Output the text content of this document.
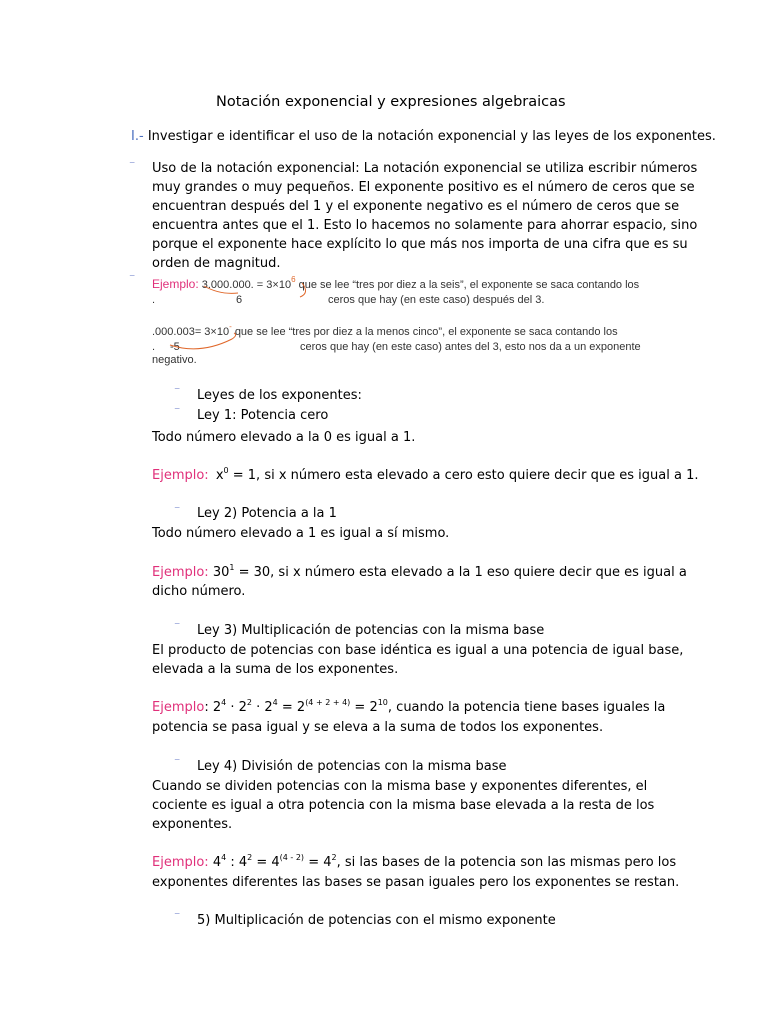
Notación exponencial y expresiones algebraicas
I.- Investigar e identificar el uso de la notación exponencial y las leyes de los exponentes.
⁻ Uso de la notación exponencial: La notación exponencial se utiliza escribir números
muy grandes o muy pequeños. El exponente positivo es el número de ceros que se
encuentran después del 1 y el exponente negativo es el número de ceros que se
encuentra antes que el 1. Esto lo hacemos no solamente para ahorrar espacio, sino
porque el exponente hace explícito lo que más nos importa de una cifra que es su
orden de magnitud.
⁻ Ejemplo: 3.000.000. = $3\times 10^6$ que se lee “tres por diez a la seis”, el exponente se saca contando los
.	6	ceros que hay (en este caso) después del 3.
.000.003= 3×10- que se lee “tres por diez a la menos cinco”, el exponente se saca contando los
. -5	ceros que hay (en este caso) antes del 3, esto nos da a un exponente
negativo.
⁻ Leyes de los exponentes:
⁻ Ley 1: Potencia cero
Todo número elevado a la 0 es igual a 1.
Ejemplo: $x^0 = 1$, si x número esta elevado a cero esto quiere decir que es igual a 1.
⁻ Ley 2) Potencia a la 1
Todo número elevado a 1 es igual a sí mismo.
Ejemplo: $30^1 = 30$, si x número esta elevado a la 1 eso quiere decir que es igual a
dicho número.
⁻ Ley 3) Multiplicación de potencias con la misma base
El producto de potencias con base idéntica es igual a una potencia de igual base,
elevada a la suma de los exponentes.
Ejemplo: $2^4 \cdot 2^2 \cdot 2^4 = 2^{(4 + 2 + 4)} = 2^{10}$, cuando la potencia tiene bases iguales la
potencia se pasa igual y se eleva a la suma de todos los exponentes.
⁻ Ley 4) División de potencias con la misma base
Cuando se dividen potencias con la misma base y exponentes diferentes, el
cociente es igual a otra potencia con la misma base elevada a la resta de los
exponentes.
Ejemplo: $4^4$ : $4^2 = 4^{(4 - 2)} = 4^2$, si las bases de la potencia son las mismas pero los
exponentes diferentes las bases se pasan iguales pero los exponentes se restan.
⁻ 5) Multiplicación de potencias con el mismo exponente
